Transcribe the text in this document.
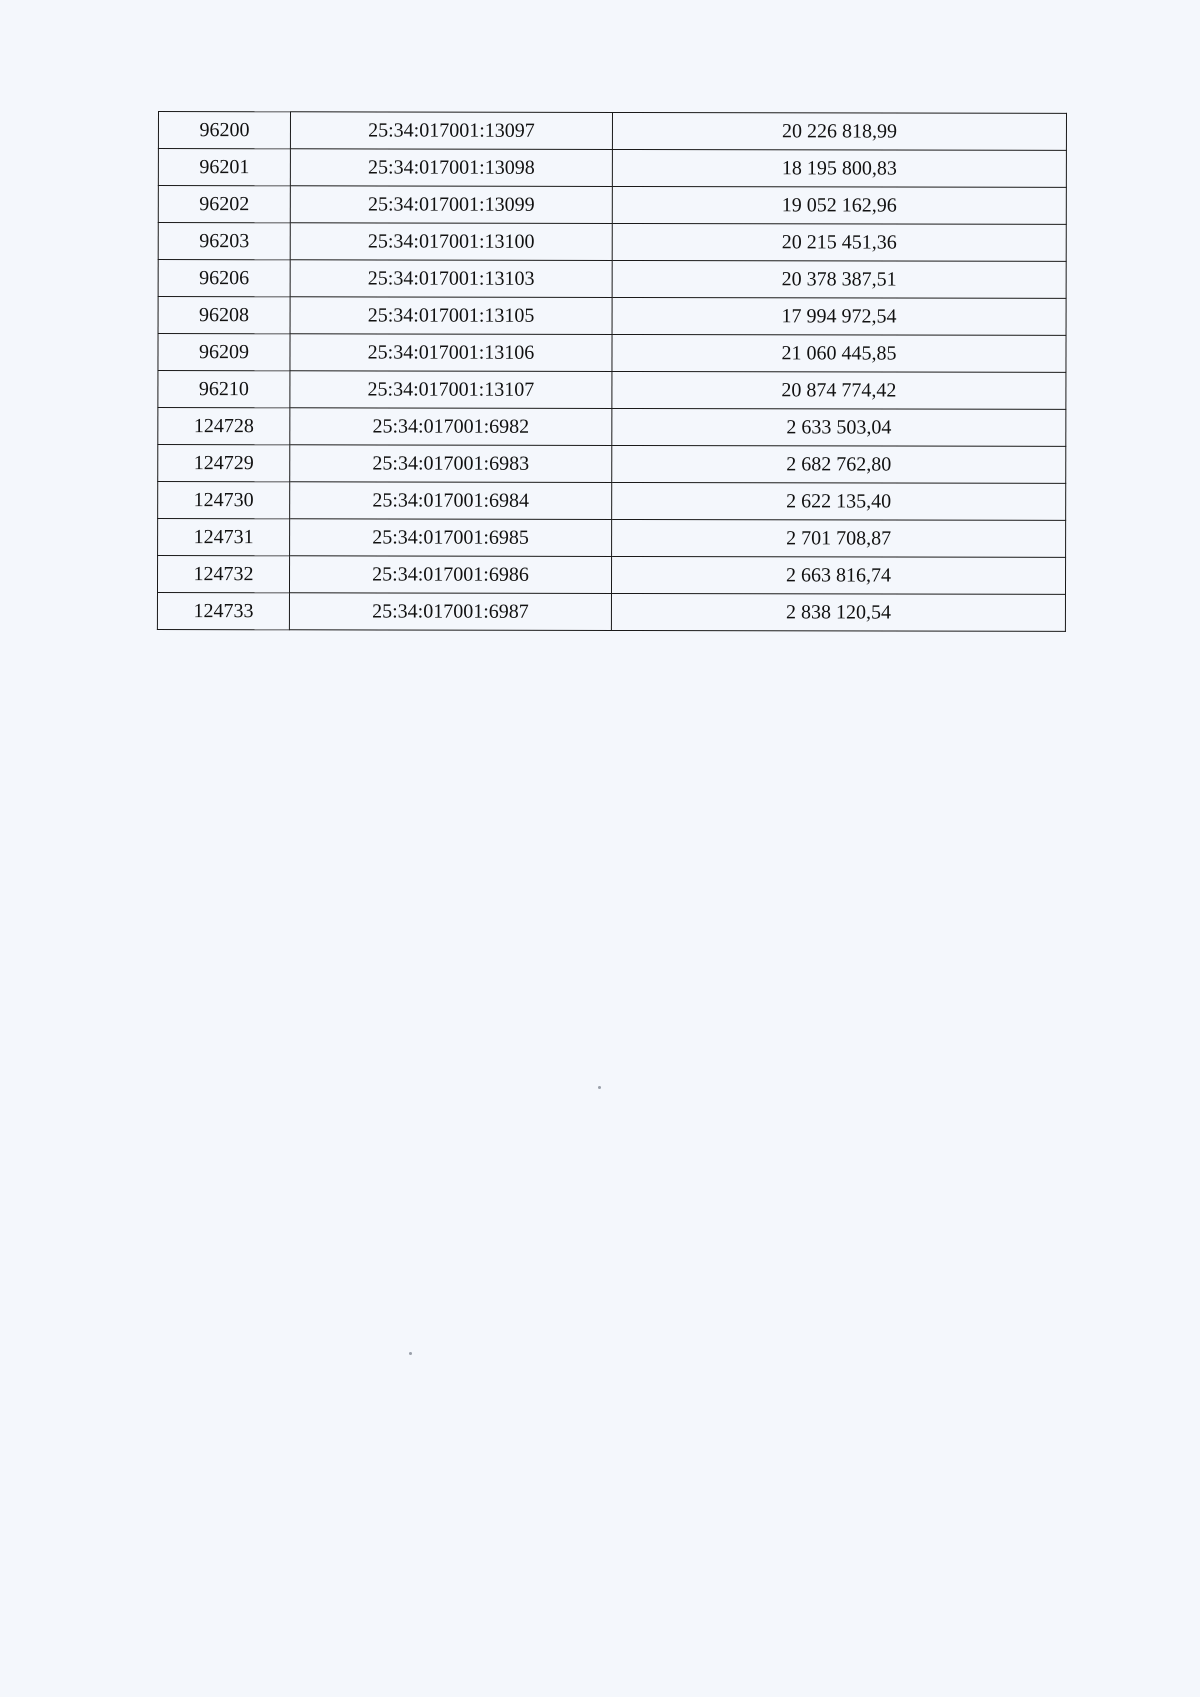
96200	25:34:017001:13097	20 226 818,99
96201	25:34:017001:13098	18 195 800,83
96202	25:34:017001:13099	19 052 162,96
96203	25:34:017001:13100	20 215 451,36
96206	25:34:017001:13103	20 378 387,51
96208	25:34:017001:13105	17 994 972,54
96209	25:34:017001:13106	21 060 445,85
96210	25:34:017001:13107	20 874 774,42
124728	25:34:017001:6982	2 633 503,04
124729	25:34:017001:6983	2 682 762,80
124730	25:34:017001:6984	2 622 135,40
124731	25:34:017001:6985	2 701 708,87
124732	25:34:017001:6986	2 663 816,74
124733	25:34:017001:6987	2 838 120,54
